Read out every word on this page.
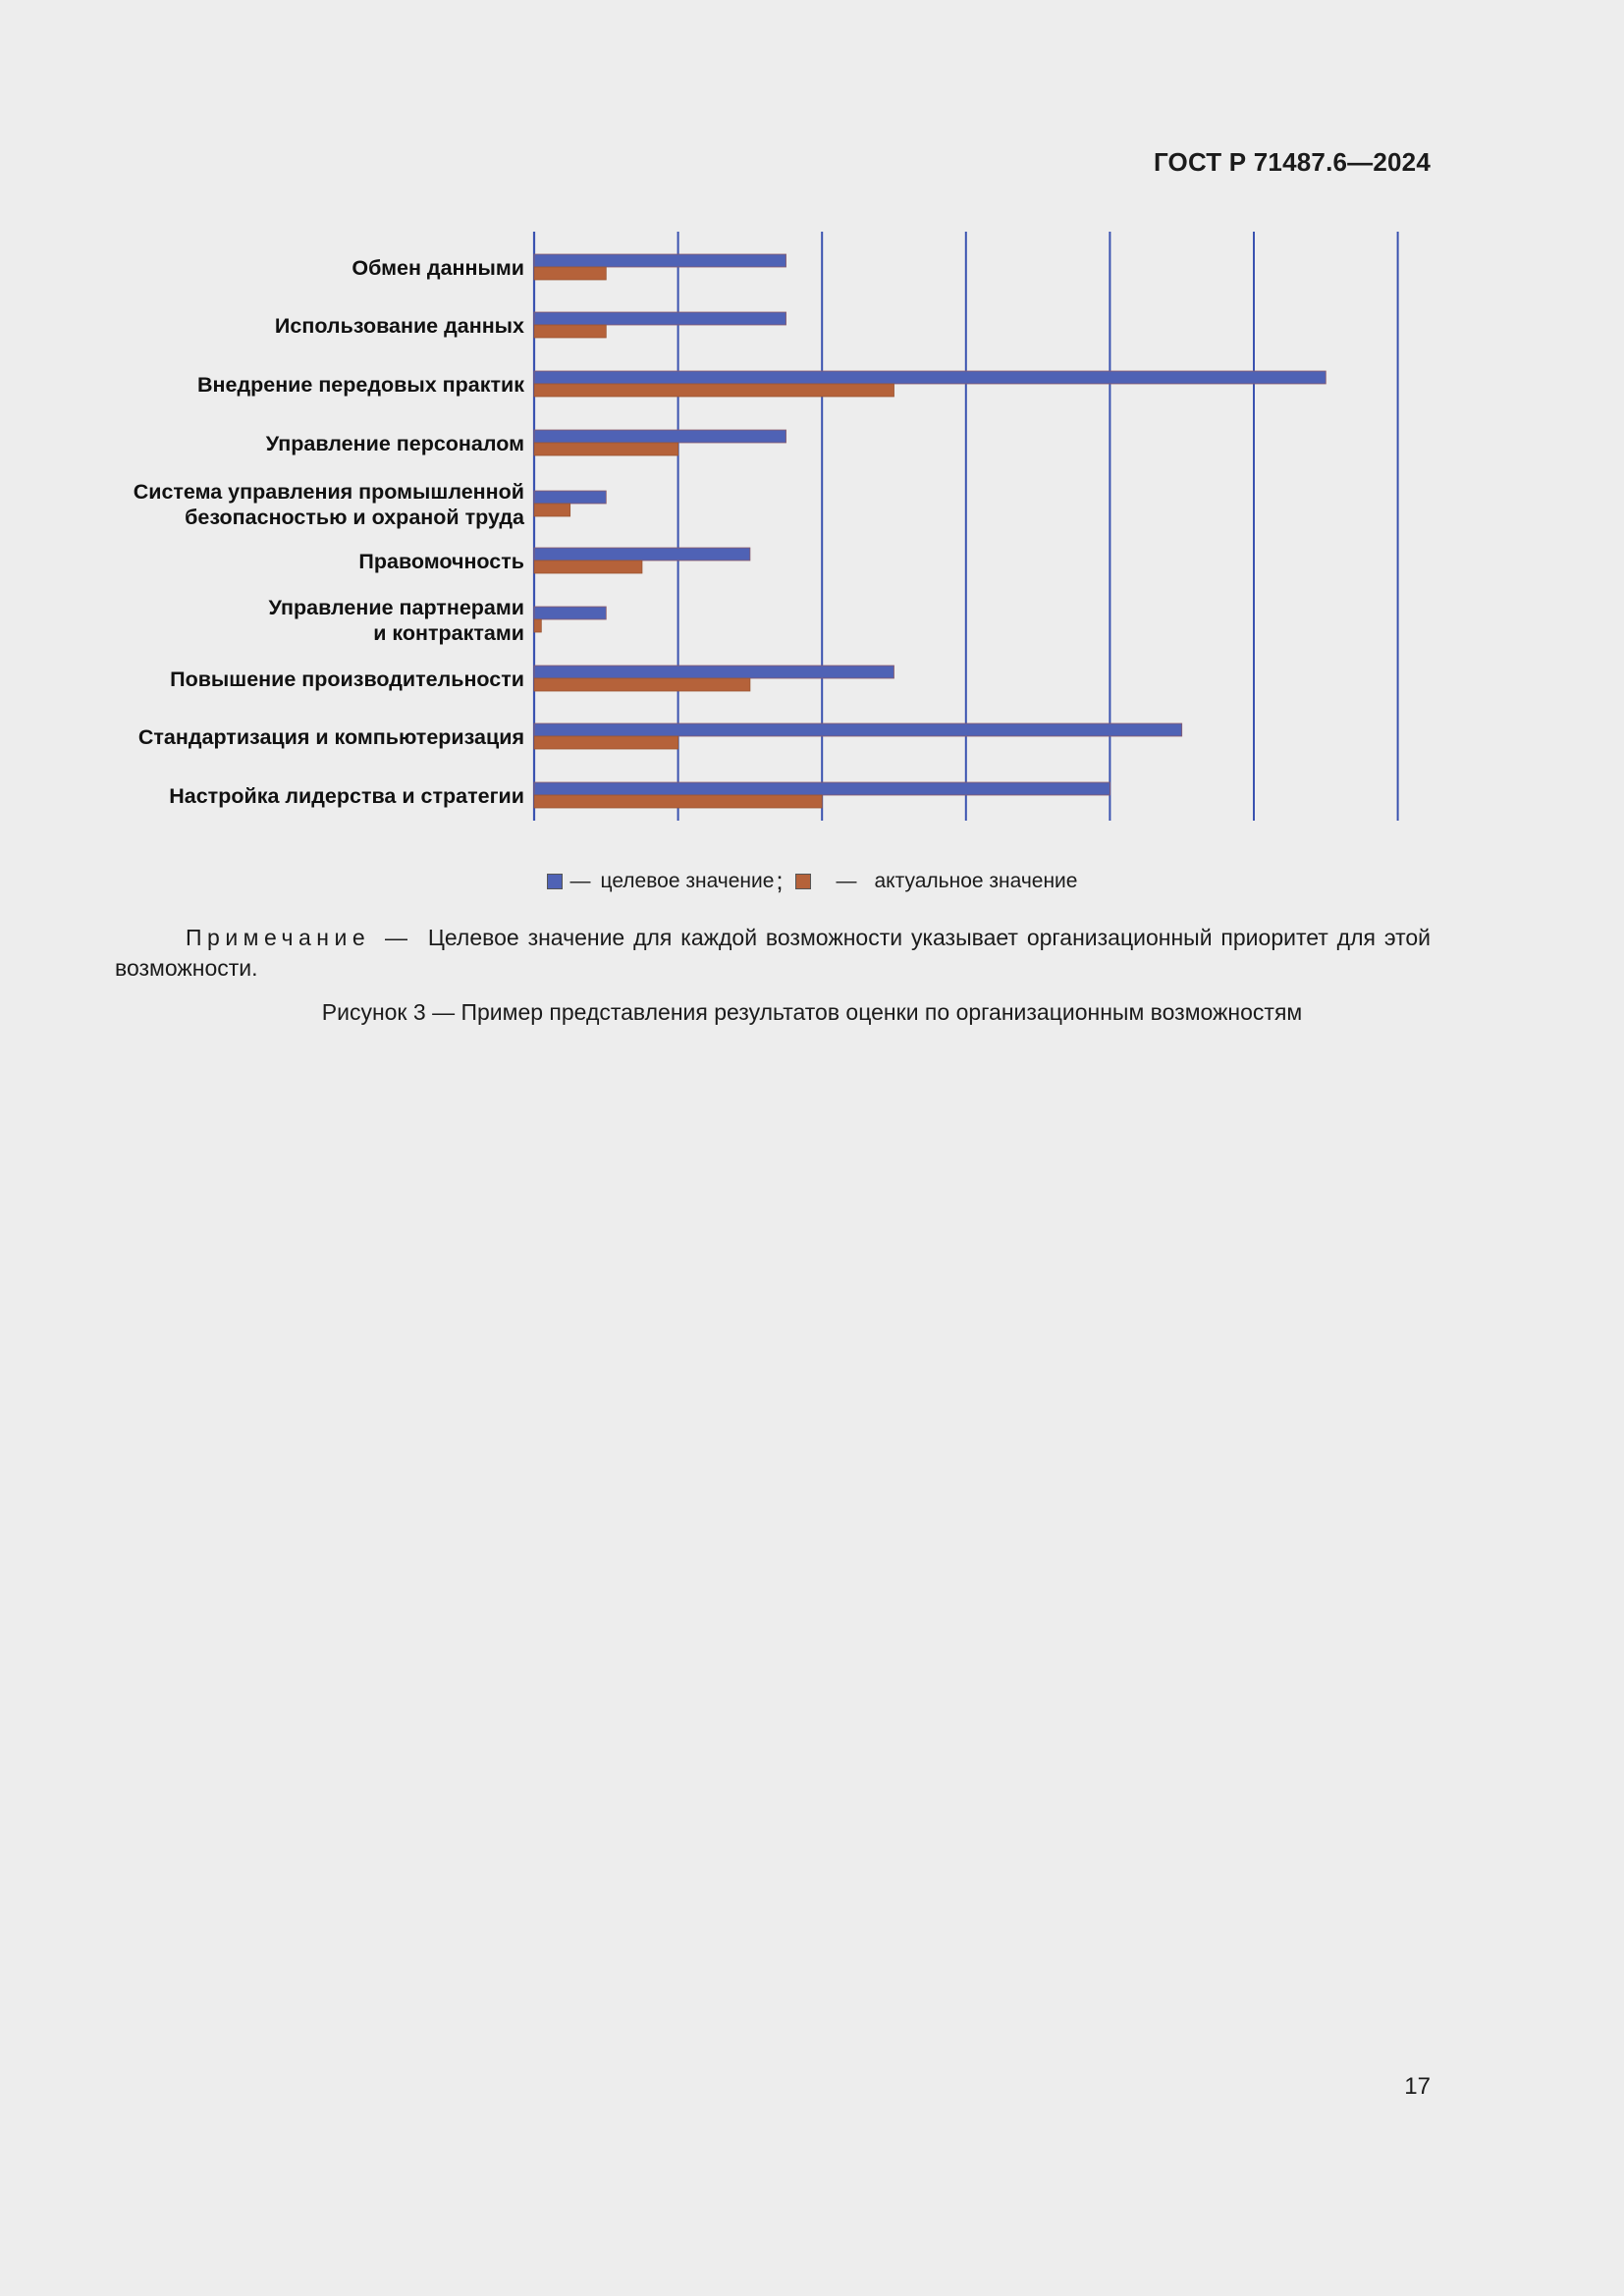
ГОСТ Р 71487.6—2024
Обмен данными
Использование данных
Внедрение передовых практик
Управление персоналом
Система управления промышленной
безопасностью и охраной труда
Правомочность
Управление партнерами
и контрактами
Повышение производительности
Стандартизация и компьютеризация
Настройка лидерства и стратегии
— целевое значение ;
	— актуальное значение
Примечание — Целевое значение для каждой возможности указывает организационный приоритет для этой возможности.
Рисунок 3 — Пример представления результатов оценки по организационным возможностям
17
